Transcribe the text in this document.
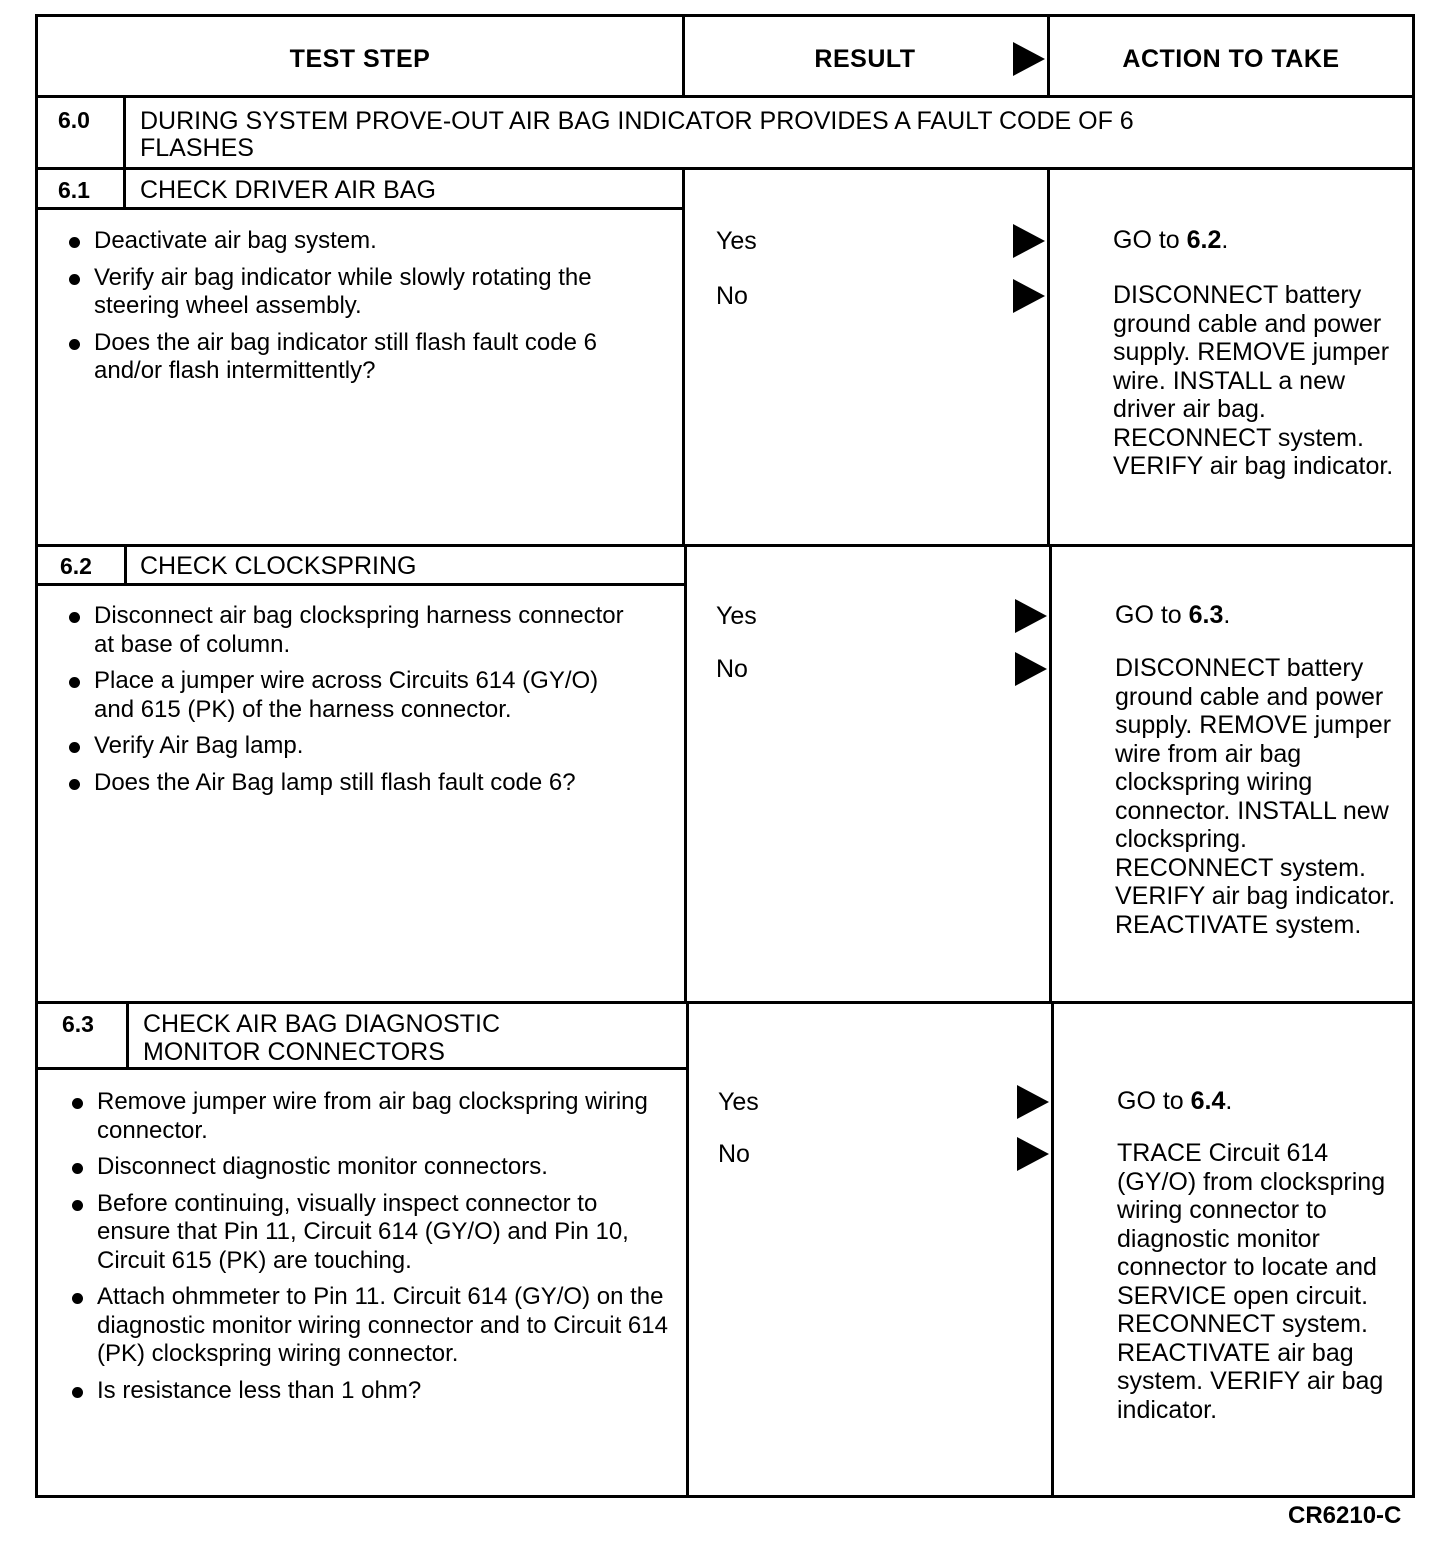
TEST STEP	RESULT	ACTION TO TAKE
6.0 DURING SYSTEM PROVE-OUT AIR BAG INDICATOR PROVIDES A FAULT CODE OF 6
FLASHES
6.1 CHECK DRIVER AIR BAG
Deactivate air bag system.
Verify air bag indicator while slowly rotating the steering wheel assembly.
Does the air bag indicator still flash fault code 6 and/or flash intermittently?
Yes
No
GO to 6.2.
DISCONNECT battery ground cable and power supply. REMOVE jumper wire. INSTALL a new driver air bag. RECONNECT system. VERIFY air bag indicator.
6.2 CHECK CLOCKSPRING
Disconnect air bag clockspring harness connector at base of column.
Place a jumper wire across Circuits 614 (GY/O) and 615 (PK) of the harness connector.
Verify Air Bag lamp.
Does the Air Bag lamp still flash fault code 6?
Yes
No
GO to 6.3.
DISCONNECT battery ground cable and power supply. REMOVE jumper wire from air bag clockspring wiring connector. INSTALL new clockspring. RECONNECT system. VERIFY air bag indicator. REACTIVATE system.
6.3 CHECK AIR BAG DIAGNOSTIC
MONITOR CONNECTORS
Remove jumper wire from air bag clockspring wiring connector.
Disconnect diagnostic monitor connectors.
Before continuing, visually inspect connector to ensure that Pin 11, Circuit 614 (GY/O) and Pin 10, Circuit 615 (PK) are touching.
Attach ohmmeter to Pin 11. Circuit 614 (GY/O) on the diagnostic monitor wiring connector and to Circuit 614 (PK) clockspring wiring connector.
Is resistance less than 1 ohm?
Yes
No
GO to 6.4.
TRACE Circuit 614 (GY/O) from clockspring wiring connector to diagnostic monitor connector to locate and SERVICE open circuit. RECONNECT system. REACTIVATE air bag system. VERIFY air bag indicator.
CR6210-C
